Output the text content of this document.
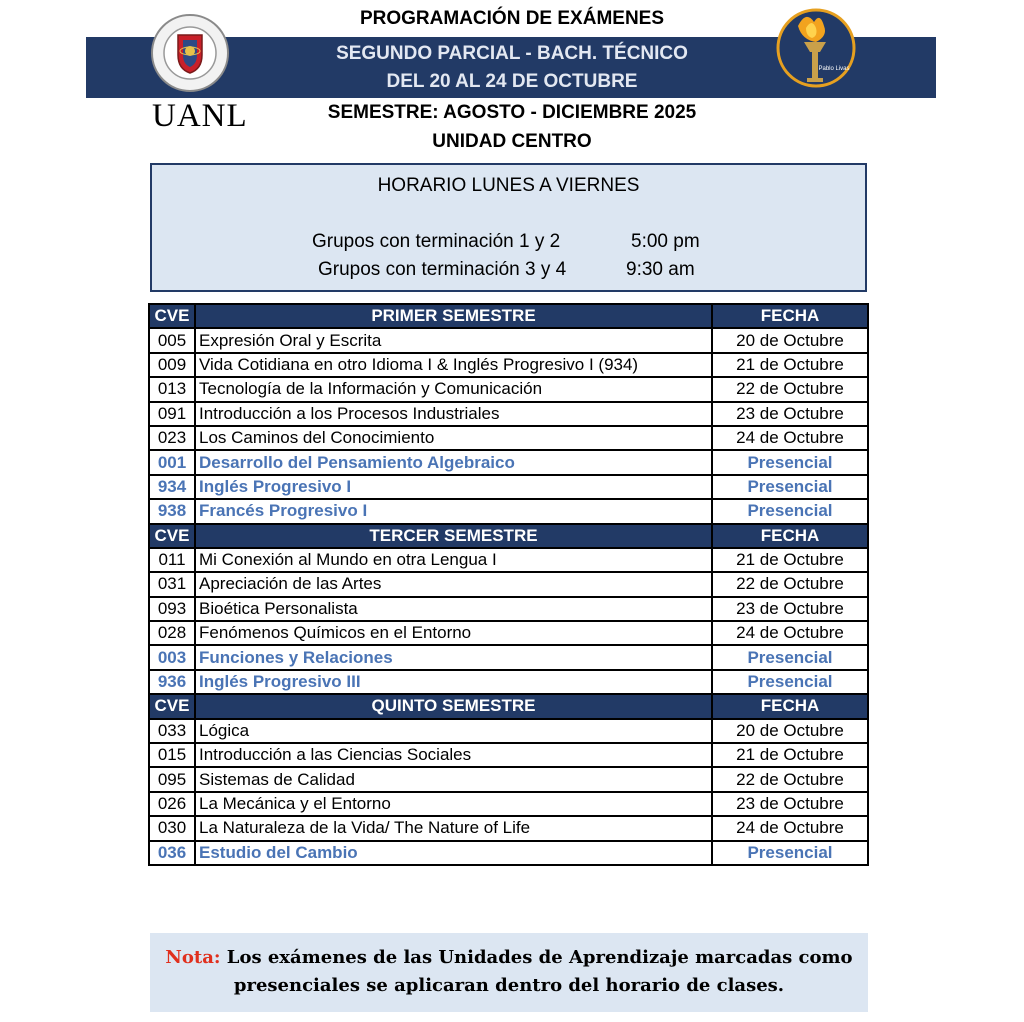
PROGRAMACIÓN DE EXÁMENES
SEGUNDO PARCIAL - BACH. TÉCNICO
DEL 20 AL 24 DE OCTUBRE
SEMESTRE: AGOSTO - DICIEMBRE 2025
UNIDAD CENTRO
UANL
Pablo Livas
HORARIO LUNES A VIERNES
Grupos con terminación 1 y 2	5:00 pm
Grupos con terminación 3 y 4	9:30 am
CVE	PRIMER SEMESTRE	FECHA
005	Expresión Oral y Escrita	20 de Octubre
009	Vida Cotidiana en otro Idioma I & Inglés Progresivo I (934)	21 de Octubre
013	Tecnología de la Información y Comunicación	22 de Octubre
091	Introducción a los Procesos Industriales	23 de Octubre
023	Los Caminos del Conocimiento	24 de Octubre
001	Desarrollo del Pensamiento Algebraico	Presencial
934	Inglés Progresivo I	Presencial
938	Francés Progresivo I	Presencial
CVE	TERCER SEMESTRE	FECHA
011	Mi Conexión al Mundo en otra Lengua I	21 de Octubre
031	Apreciación de las Artes	22 de Octubre
093	Bioética Personalista	23 de Octubre
028	Fenómenos Químicos en el Entorno	24 de Octubre
003	Funciones y Relaciones	Presencial
936	Inglés Progresivo III	Presencial
CVE	QUINTO SEMESTRE	FECHA
033	Lógica	20 de Octubre
015	Introducción a las Ciencias Sociales	21 de Octubre
095	Sistemas de Calidad	22 de Octubre
026	La Mecánica y el Entorno	23 de Octubre
030	La Naturaleza de la Vida/ The Nature of Life	24 de Octubre
036	Estudio del Cambio	Presencial
Nota: Los exámenes de las Unidades de Aprendizaje marcadas como
presenciales se aplicaran dentro del horario de clases.
